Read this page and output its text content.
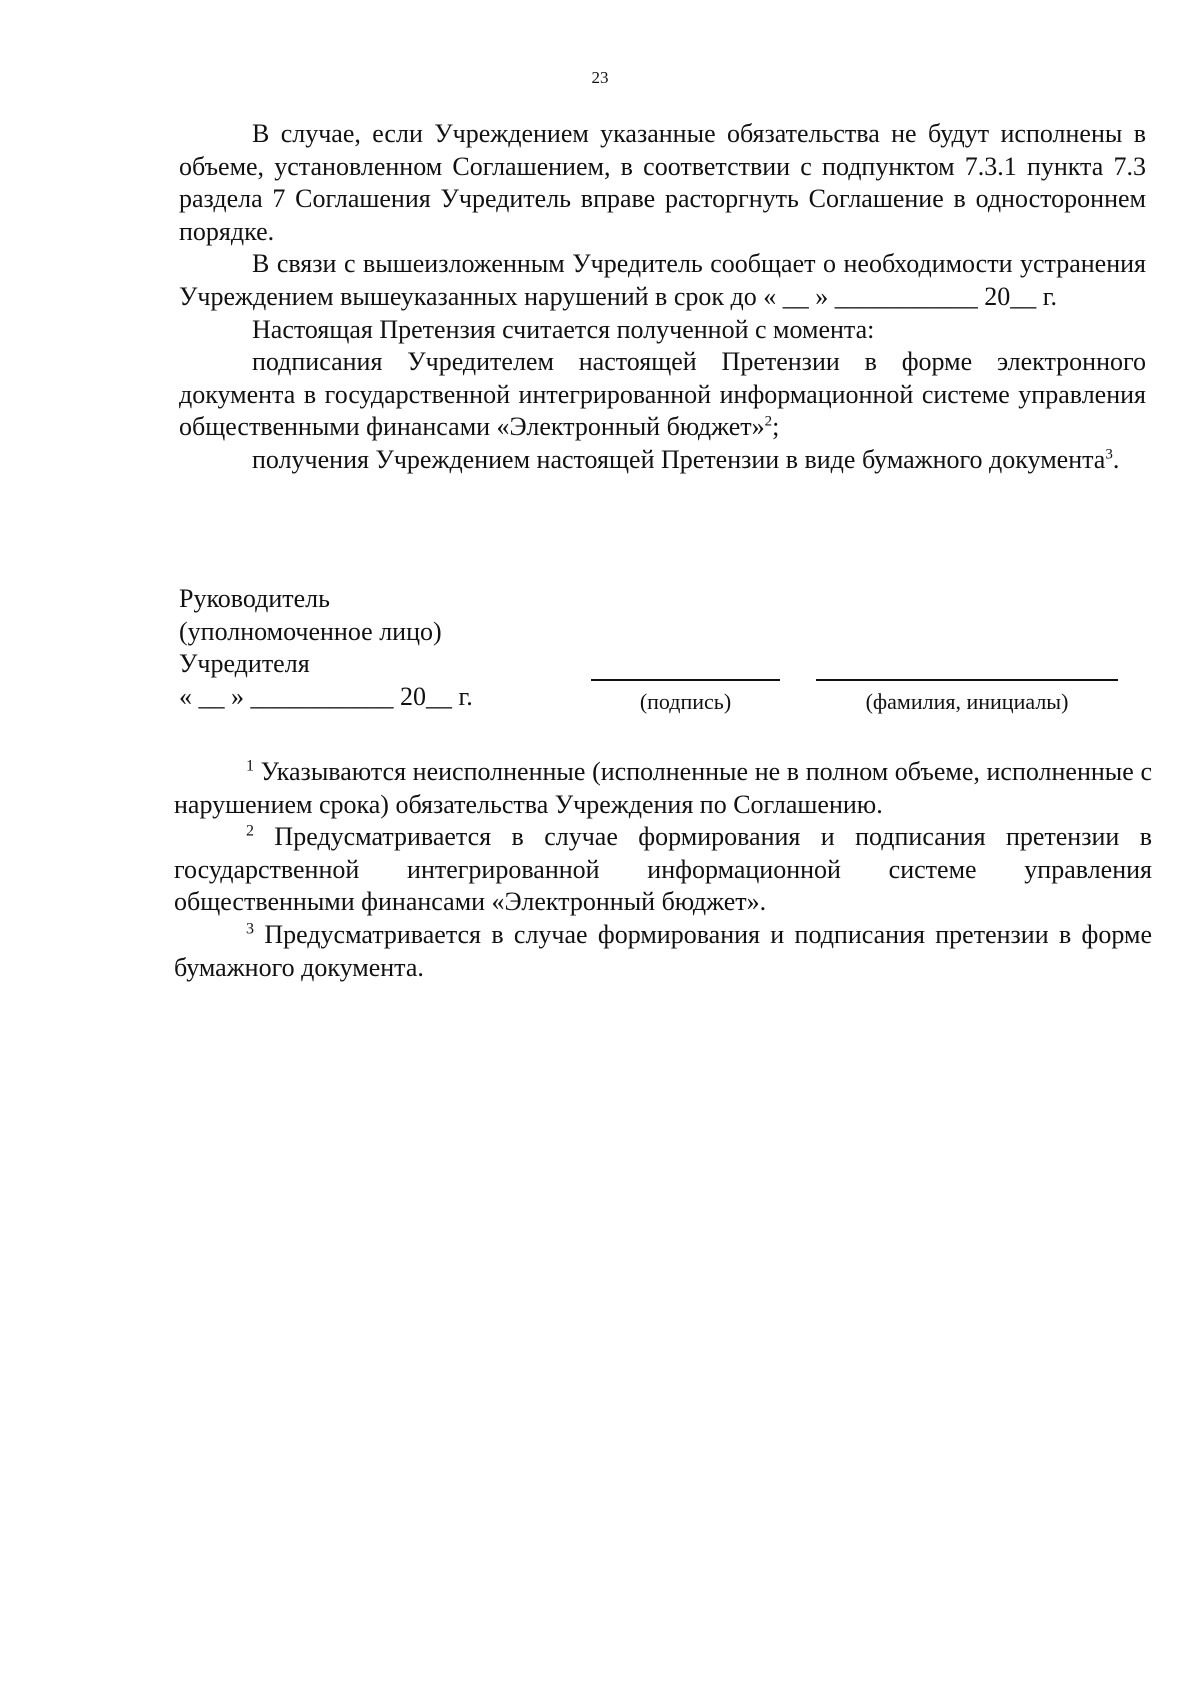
23

В случае, если Учреждением указанные обязательства не будут исполнены в объеме, установленном Соглашением, в соответствии с подпунктом 7.3.1 пункта 7.3 раздела 7 Соглашения Учредитель вправе расторгнуть Соглашение в одностороннем порядке.

В связи с вышеизложенным Учредитель сообщает о необходимости устранения Учреждением вышеуказанных нарушений в срок до « __ » ___________ 20__ г.

Настоящая Претензия считается полученной с момента:

подписания Учредителем настоящей Претензии в форме электронного документа в государственной интегрированной информационной системе управления общественными финансами «Электронный бюджет»$^2$;

получения Учреждением настоящей Претензии в виде бумажного документа$^3$.

Руководитель

(уполномоченное лицо)

Учредителя

« __ » ___________ 20__ г.	(подпись)	(фамилия, инициалы)

$^1$ Указываются неисполненные (исполненные не в полном объеме, исполненные с нарушением срока) обязательства Учреждения по Соглашению.

$^2$ Предусматривается в случае формирования и подписания претензии в государственной интегрированной информационной системе управления общественными финансами «Электронный бюджет».

$^3$ Предусматривается в случае формирования и подписания претензии в форме бумажного документа.
